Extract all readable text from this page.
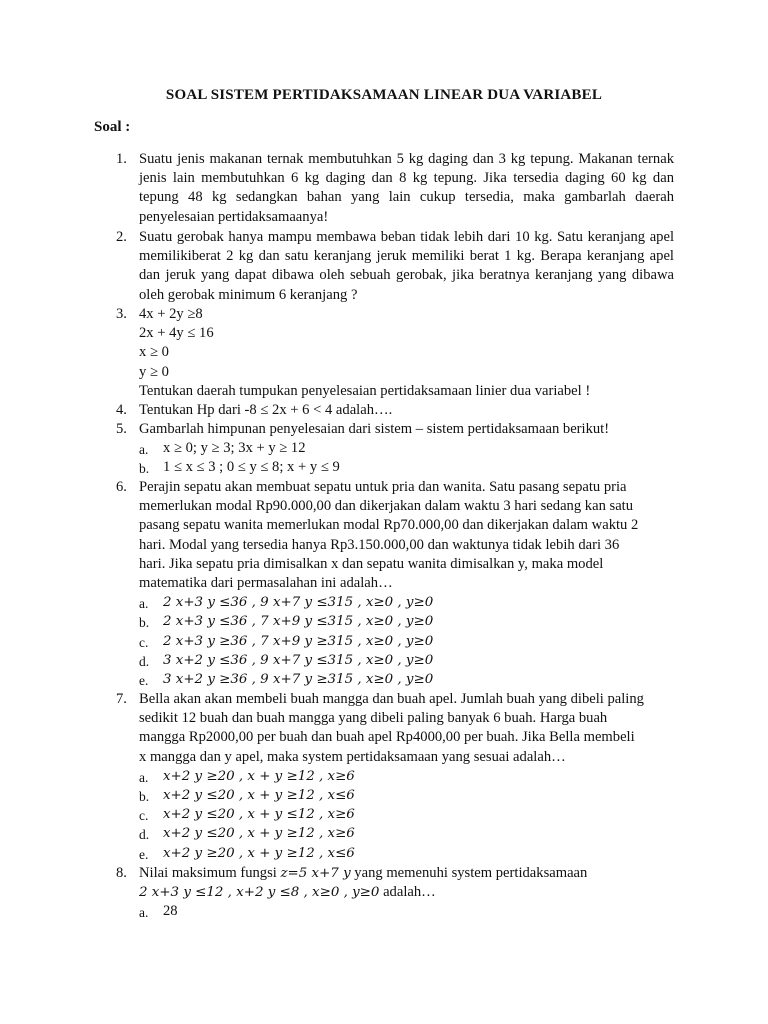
SOAL SISTEM PERTIDAKSAMAAN LINEAR DUA VARIABEL
Soal :
1. Suatu jenis makanan ternak membutuhkan 5 kg daging dan 3 kg tepung. Makanan ternak jenis lain membutuhkan 6 kg daging dan 8 kg tepung. Jika tersedia daging 60 kg dan tepung 48 kg sedangkan bahan yang lain cukup tersedia, maka gambarlah daerah penyelesaian pertidaksamaanya!
2. Suatu gerobak hanya mampu membawa beban tidak lebih dari 10 kg. Satu keranjang apel memilikiberat 2 kg dan satu keranjang jeruk memiliki berat 1 kg. Berapa keranjang apel dan jeruk yang dapat dibawa oleh sebuah gerobak, jika beratnya keranjang yang dibawa oleh gerobak minimum 6 keranjang ?
3. 4x + 2y ≥8
2x + 4y ≤ 16
x ≥ 0
y ≥ 0
Tentukan daerah tumpukan penyelesaian pertidaksamaan linier dua variabel !
4. Tentukan Hp dari -8 ≤ 2x + 6 < 4 adalah….
5. Gambarlah himpunan penyelesaian dari sistem – sistem pertidaksamaan berikut!
a. x ≥ 0; y ≥ 3; 3x + y ≥ 12
b. 1 ≤ x ≤ 3 ; 0 ≤ y ≤ 8; x + y ≤ 9
6. Perajin sepatu akan membuat sepatu untuk pria dan wanita. Satu pasang sepatu pria
memerlukan modal Rp90.000,00 dan dikerjakan dalam waktu 3 hari sedang kan satu
pasang sepatu wanita memerlukan modal Rp70.000,00 dan dikerjakan dalam waktu 2
hari. Modal yang tersedia hanya Rp3.150.000,00 dan waktunya tidak lebih dari 36
hari. Jika sepatu pria dimisalkan x dan sepatu wanita dimisalkan y, maka model
matematika dari permasalahan ini adalah…
a. 2 x+3 y ≤36 , 9 x+7 y ≤315 , x≥0 , y≥0
b. 2 x+3 y ≤36 , 7 x+9 y ≤315 , x≥0 , y≥0
c. 2 x+3 y ≥36 , 7 x+9 y ≥315 , x≥0 , y≥0
d. 3 x+2 y ≤36 , 9 x+7 y ≤315 , x≥0 , y≥0
e. 3 x+2 y ≥36 , 9 x+7 y ≥315 , x≥0 , y≥0
7. Bella akan akan membeli buah mangga dan buah apel. Jumlah buah yang dibeli paling
sedikit 12 buah dan buah mangga yang dibeli paling banyak 6 buah. Harga buah
mangga Rp2000,00 per buah dan buah apel Rp4000,00 per buah. Jika Bella membeli
x mangga dan y apel, maka system pertidaksamaan yang sesuai adalah…
a. x+2 y ≥20 , x + y ≥12 , x≥6
b. x+2 y ≤20 , x + y ≥12 , x≤6
c. x+2 y ≤20 , x + y ≤12 , x≥6
d. x+2 y ≤20 , x + y ≥12 , x≥6
e. x+2 y ≥20 , x + y ≥12 , x≤6
8. Nilai maksimum fungsi z=5 x+7 y yang memenuhi system pertidaksamaan
2 x+3 y ≤12 , x+2 y ≤8 , x≥0 , y≥0 adalah…
a. 28
